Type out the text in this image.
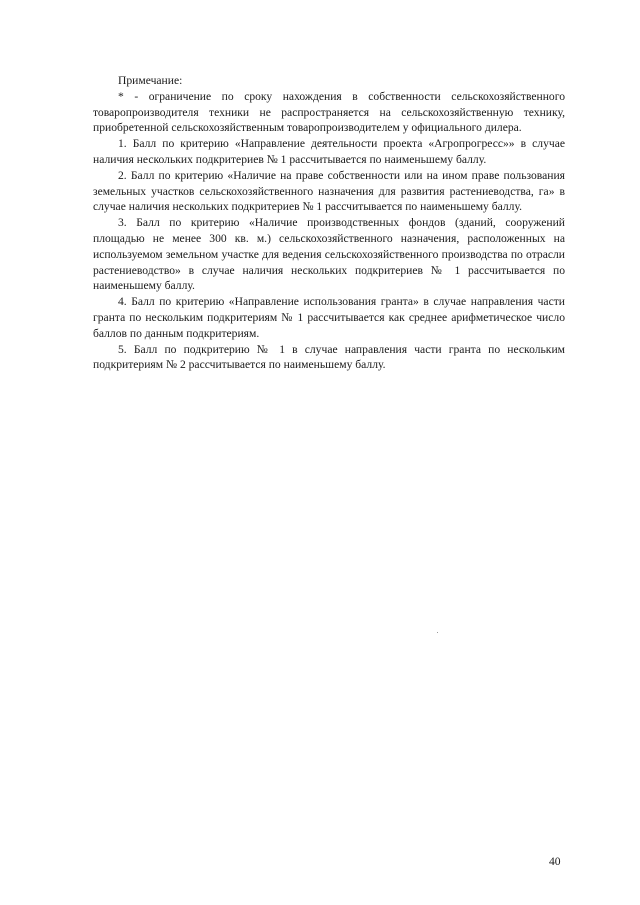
Примечание:

* - ограничение по сроку нахождения в собственности сельскохозяйственного товаропроизводителя техники не распространяется на сельскохозяйственную технику, приобретенной сельскохозяйственным товаропроизводителем у официального дилера.

1. Балл по критерию «Направление деятельности проекта «Агропрогресс»» в случае наличия нескольких подкритериев № 1 рассчитывается по наименьшему баллу.

2. Балл по критерию «Наличие на праве собственности или на ином праве пользования земельных участков сельскохозяйственного назначения для развития растениеводства, га» в случае наличия нескольких подкритериев № 1 рассчитывается по наименьшему баллу.

3. Балл по критерию «Наличие производственных фондов (зданий, сооружений площадью не менее 300 кв. м.) сельскохозяйственного назначения, расположенных на используемом земельном участке для ведения сельскохозяйственного производства по отрасли растениеводство» в случае наличия нескольких подкритериев № 1 рассчитывается по наименьшему баллу.

4. Балл по критерию «Направление использования гранта» в случае направления части гранта по нескольким подкритериям № 1 рассчитывается как среднее арифметическое число баллов по данным подкритериям.

5. Балл по подкритерию № 1 в случае направления части гранта по нескольким подкритериям № 2 рассчитывается по наименьшему баллу.

40
